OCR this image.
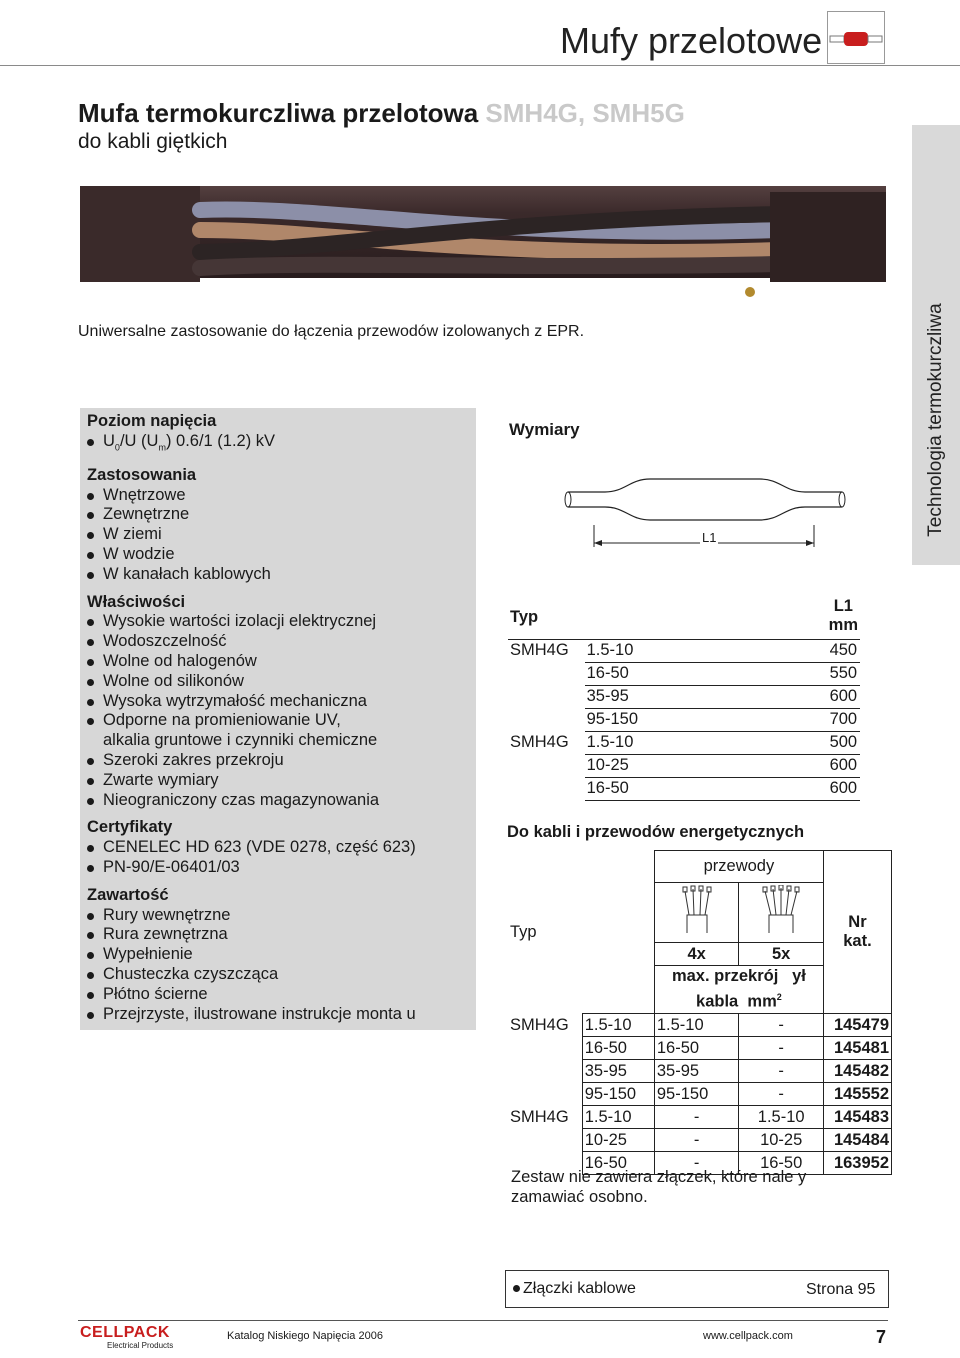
Mufy przelotowe
Technologia termokurczliwa
Mufa termokurczliwa przelotowa SMH4G, SMH5G
do kabli giętkich
Uniwersalne zastosowanie do łączenia przewodów izolowanych z EPR.
Poziom napięcia
$U_0/U$ $(U_m)$ 0.6/1 (1.2) kV
Zastosowania
Wnętrzowe
Zewnętrzne
W ziemi
W wodzie
W kanałach kablowych
Właściwości
Wysokie wartości izolacji elektrycznej
Wodoszczelność
Wolne od halogenów
Wolne od silikonów
Wysoka wytrzymałość mechaniczna
Odporne na promieniowanie UV,
alkalia gruntowe i czynniki chemiczne
Szeroki zakres przekroju
Zwarte wymiary
Nieograniczony czas magazynowania
Certyfikaty
CENELEC HD 623 (VDE 0278, część 623)
PN-90/E-06401/03
Zawartość
Rury wewnętrzne
Rura zewnętrzna
Wypełnienie
Chusteczka czyszcząca
Płótno ścierne
Przejrzyste, ilustrowane instrukcje monta u
Wymiary
L1
Typ			L1
mm

SMH4G	1.5-10		450
	16-50		550
	35-95		600
	95-150		700
SMH4G	1.5-10		500
	10-25		600
	16-50		600
Do kabli i przewodów energetycznych
Typ		przewody		Nr
kat.

		4x	5x	

		max. przekrój ył
kabla $mm^2$

SMH4G	1.5-10	1.5-10	-	145479
	16-50	16-50	-	145481
	35-95	35-95	-	145482
	95-150	95-150	-	145552
SMH4G	1.5-10	-	1.5-10	145483
	10-25	-	10-25	145484
	16-50	-	16-50	163952
Zestaw nie zawiera złączek, które nale y zamawiać osobno.
Złączki kablowe	Strona 95
CELLPACK
Electrical Products
Katalog Niskiego Napięcia 2006	www.cellpack.com	7
